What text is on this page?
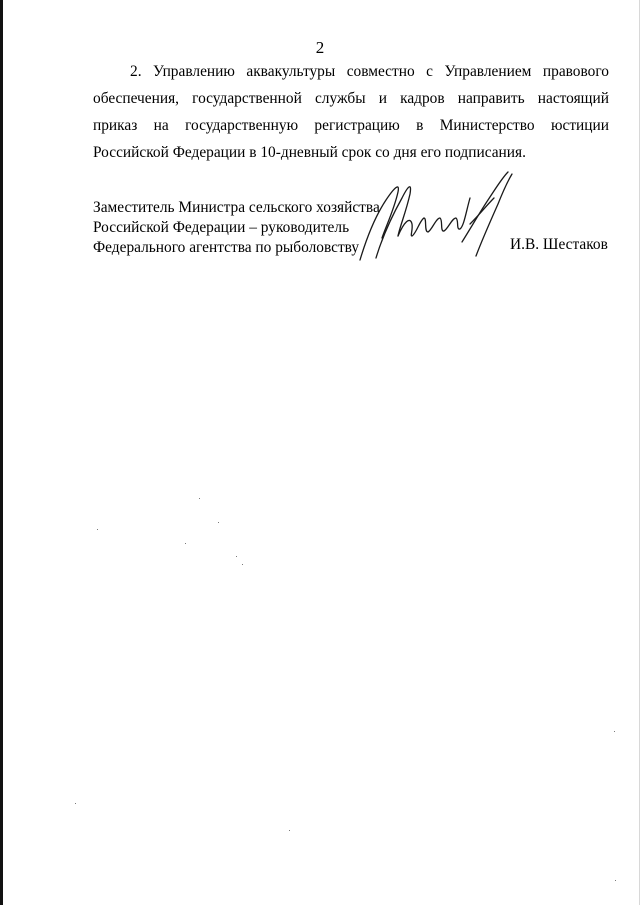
2
2. Управлению аквакультуры совместно с Управлением правового
обеспечения, государственной службы и кадров направить настоящий
приказ на государственную регистрацию в Министерство юстиции
Российской Федерации в 10-дневный срок со дня его подписания.
Заместитель Министра сельского хозяйства
Российской Федерации – руководитель
Федерального агентства по рыболовству	И.В. Шестаков
